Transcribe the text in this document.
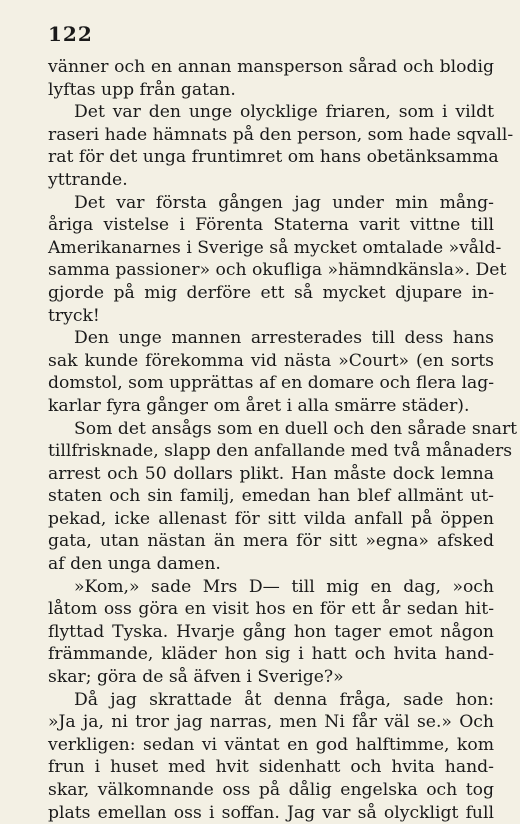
122
vänner och en annan mansperson sårad och blodig
lyftas upp från gatan.
Det var den unge olycklige friaren, som i vildt
raseri hade hämnats på den person, som hade sqvall-
rat för det unga fruntimret om hans obetänksamma
yttrande.
Det var första gången jag under min mång-
åriga vistelse i Förenta Staterna varit vittne till
Amerikanarnes i Sverige så mycket omtalade »våld-
samma passioner» och okufliga »hämndkänsla». Det
gjorde på mig derföre ett så mycket djupare in-
tryck!
Den unge mannen arresterades till dess hans
sak kunde förekomma vid nästa »Court» (en sorts
domstol, som upprättas af en domare och flera lag-
karlar fyra gånger om året i alla smärre städer).
Som det ansågs som en duell och den sårade snart
tillfrisknade, slapp den anfallande med två månaders
arrest och 50 dollars plikt. Han måste dock lemna
staten och sin familj, emedan han blef allmänt ut-
pekad, icke allenast för sitt vilda anfall på öppen
gata, utan nästan än mera för sitt »egna» afsked
af den unga damen.
»Kom,» sade Mrs D— till mig en dag, »och
låtom oss göra en visit hos en för ett år sedan hit-
flyttad Tyska. Hvarje gång hon tager emot någon
främmande, kläder hon sig i hatt och hvita hand-
skar; göra de så äfven i Sverige?»
Då jag skrattade åt denna fråga, sade hon:
»Ja ja, ni tror jag narras, men Ni får väl se.» Och
verkligen: sedan vi väntat en god halftimme, kom
frun i huset med hvit sidenhatt och hvita hand-
skar, välkomnande oss på dålig engelska och tog
plats emellan oss i soffan. Jag var så olyckligt full
